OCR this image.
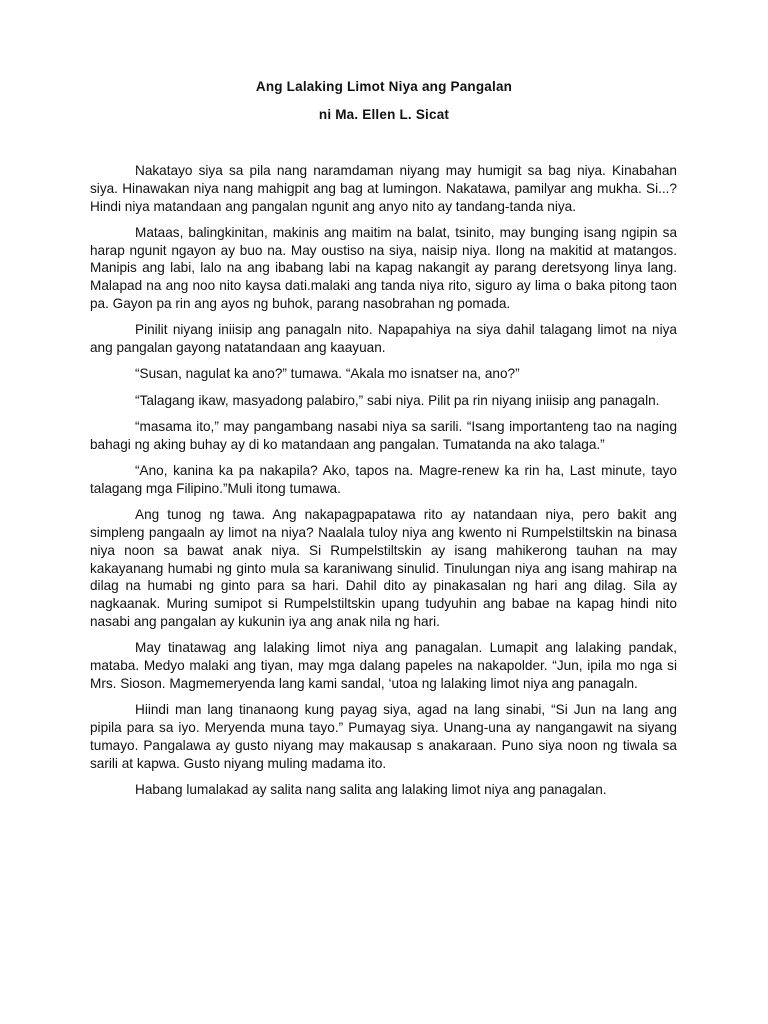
Ang Lalaking Limot Niya ang Pangalan
ni Ma. Ellen L. Sicat

Nakatayo siya sa pila nang naramdaman niyang may humigit sa bag niya. Kinabahan siya. Hinawakan niya nang mahigpit ang bag at lumingon. Nakatawa, pamilyar ang mukha. Si...? Hindi niya matandaan ang pangalan ngunit ang anyo nito ay tandang-tanda niya.

Mataas, balingkinitan, makinis ang maitim na balat, tsinito, may bunging isang ngipin sa harap ngunit ngayon ay buo na. May oustiso na siya, naisip niya. Ilong na makitid at matangos. Manipis ang labi, lalo na ang ibabang labi na kapag nakangit ay parang deretsyong linya lang. Malapad na ang noo nito kaysa dati.malaki ang tanda niya rito, siguro ay lima o baka pitong taon pa. Gayon pa rin ang ayos ng buhok, parang nasobrahan ng pomada.

Pinilit niyang iniisip ang panagaln nito. Napapahiya na siya dahil talagang limot na niya ang pangalan gayong natatandaan ang kaayuan.

“Susan, nagulat ka ano?” tumawa. “Akala mo isnatser na, ano?”

“Talagang ikaw, masyadong palabiro,” sabi niya. Pilit pa rin niyang iniisip ang panagaln.

“masama ito,” may pangambang nasabi niya sa sarili. “Isang importanteng tao na naging bahagi ng aking buhay ay di ko matandaan ang pangalan. Tumatanda na ako talaga.”

“Ano, kanina ka pa nakapila? Ako, tapos na. Magre-renew ka rin ha, Last minute, tayo talagang mga Filipino.”Muli itong tumawa.

Ang tunog ng tawa. Ang nakapagpapatawa rito ay natandaan niya, pero bakit ang simpleng pangaaln ay limot na niya? Naalala tuloy niya ang kwento ni Rumpelstiltskin na binasa niya noon sa bawat anak niya. Si Rumpelstiltskin ay isang mahikerong tauhan na may kakayanang humabi ng ginto mula sa karaniwang sinulid. Tinulungan niya ang isang mahirap na dilag na humabi ng ginto para sa hari. Dahil dito ay pinakasalan ng hari ang dilag. Sila ay nagkaanak. Muring sumipot si Rumpelstiltskin upang tudyuhin ang babae na kapag hindi nito nasabi ang pangalan ay kukunin iya ang anak nila ng hari.

May tinatawag ang lalaking limot niya ang panagalan. Lumapit ang lalaking pandak, mataba. Medyo malaki ang tiyan, may mga dalang papeles na nakapolder. “Jun, ipila mo nga si Mrs. Sioson. Magmemeryenda lang kami sandal, ‘utoa ng lalaking limot niya ang panagaln.

Hiindi man lang tinanaong kung payag siya, agad na lang sinabi, “Si Jun na lang ang pipila para sa iyo. Meryenda muna tayo.” Pumayag siya. Unang-una ay nangangawit na siyang tumayo. Pangalawa ay gusto niyang may makausap s anakaraan. Puno siya noon ng tiwala sa sarili at kapwa. Gusto niyang muling madama ito.

Habang lumalakad ay salita nang salita ang lalaking limot niya ang panagalan.
